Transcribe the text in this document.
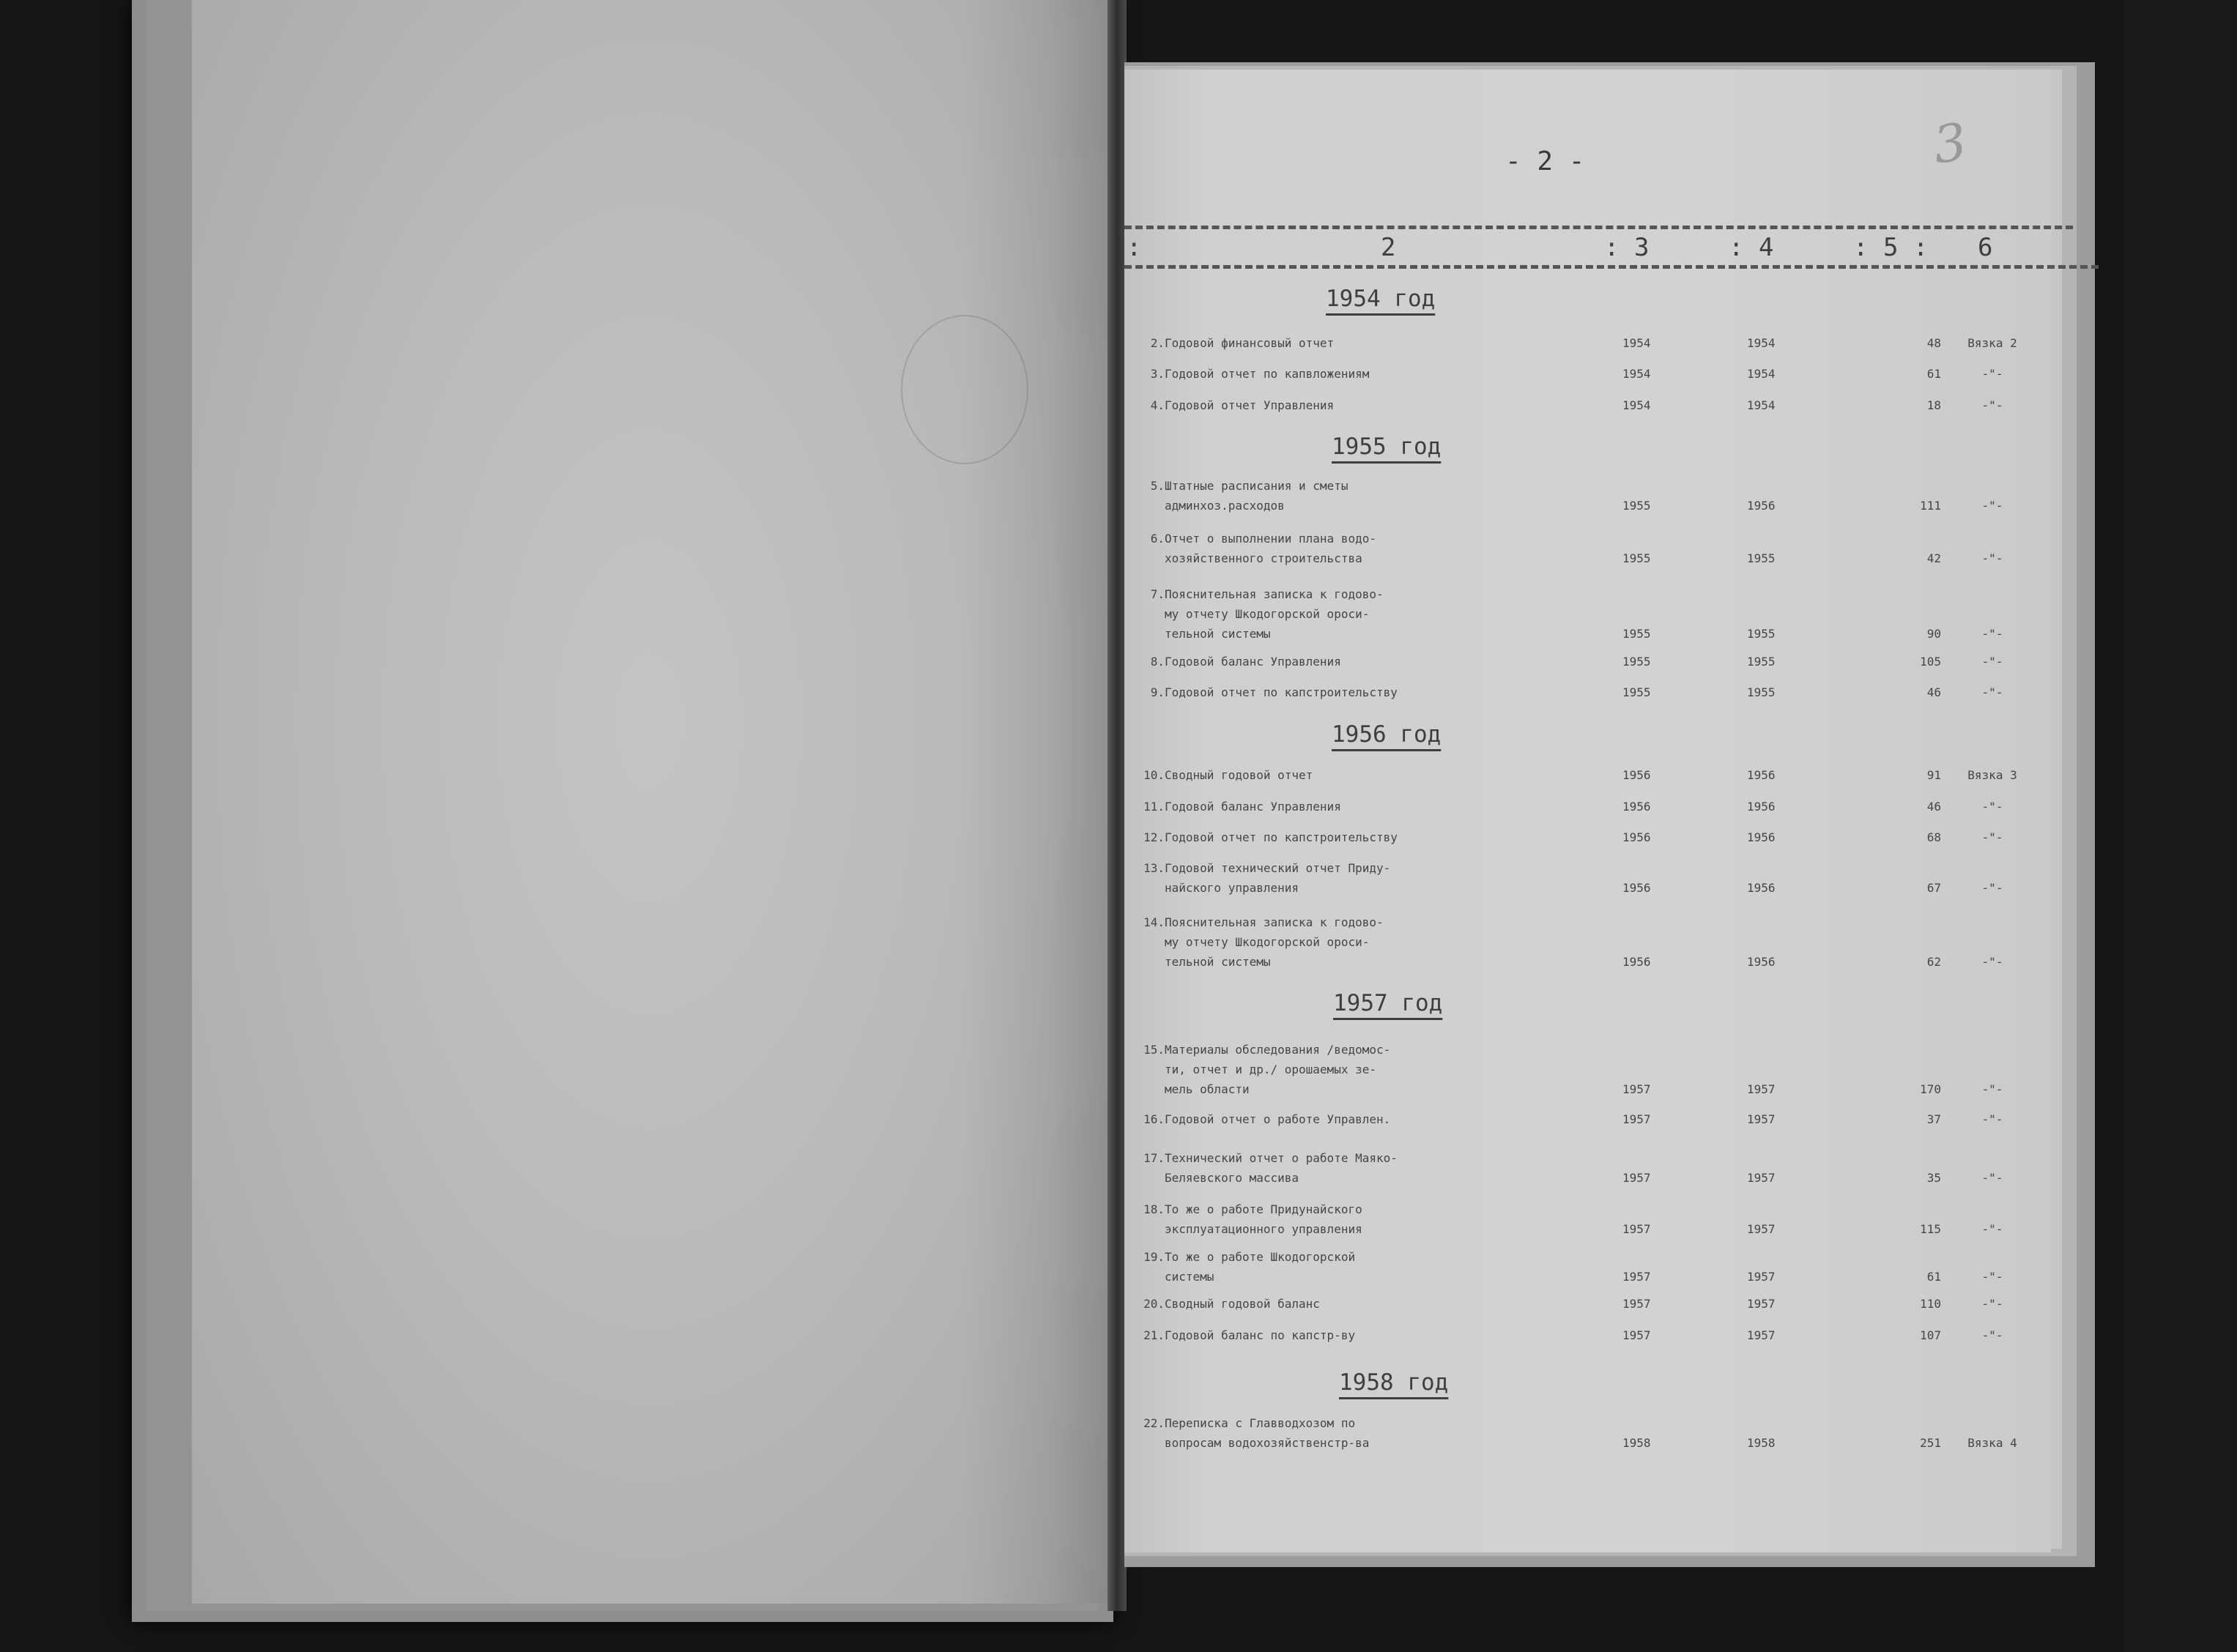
3
- 2 -
:	2	: 3	: 4	: 5 : 6
1954 год
2. Годовой финансовый отчет	1954	1954	48	Вязка 2
3. Годовой отчет по капвложениям	1954	1954	61	-"-
4. Годовой отчет Управления	1954	1954	18	-"-
1955 год
5. Штатные расписания и сметы
админхоз.расходов	1955	1956	111	-"-
6. Отчет о выполнении плана водо-
хозяйственного строительства	1955	1955	42	-"-
7. Пояснительная записка к годово-
му отчету Шкодогорской ороси-
тельной системы	1955	1955	90	-"-
8. Годовой баланс Управления	1955	1955	105	-"-
9. Годовой отчет по капстроительству	1955	1955	46	-"-
1956 год
10. Сводный годовой отчет	1956	1956	91	Вязка 3
11. Годовой баланс Управления	1956	1956	46	-"-
12. Годовой отчет по капстроительству	1956	1956	68	-"-
13. Годовой технический отчет Приду-
найского управления	1956	1956	67	-"-
14. Пояснительная записка к годово-
му отчету Шкодогорской ороси-
тельной системы	1956	1956	62	-"-
1957 год
15. Материалы обследования /ведомос-
ти, отчет и др./ орошаемых зе-
мель области	1957	1957	170	-"-
16. Годовой отчет о работе Управлен.	1957	1957	37	-"-
17. Технический отчет о работе Маяко-
Беляевского массива	1957	1957	35	-"-
18. То же о работе Придунайского
эксплуатационного управления	1957	1957	115	-"-
19. То же о работе Шкодогорской
системы	1957	1957	61	-"-
20. Сводный годовой баланс	1957	1957	110	-"-
21. Годовой баланс по капстр-ву	1957	1957	107	-"-
1958 год
22. Переписка с Главводхозом по
вопросам водохозяйственстр-ва	1958	1958	251	Вязка 4
